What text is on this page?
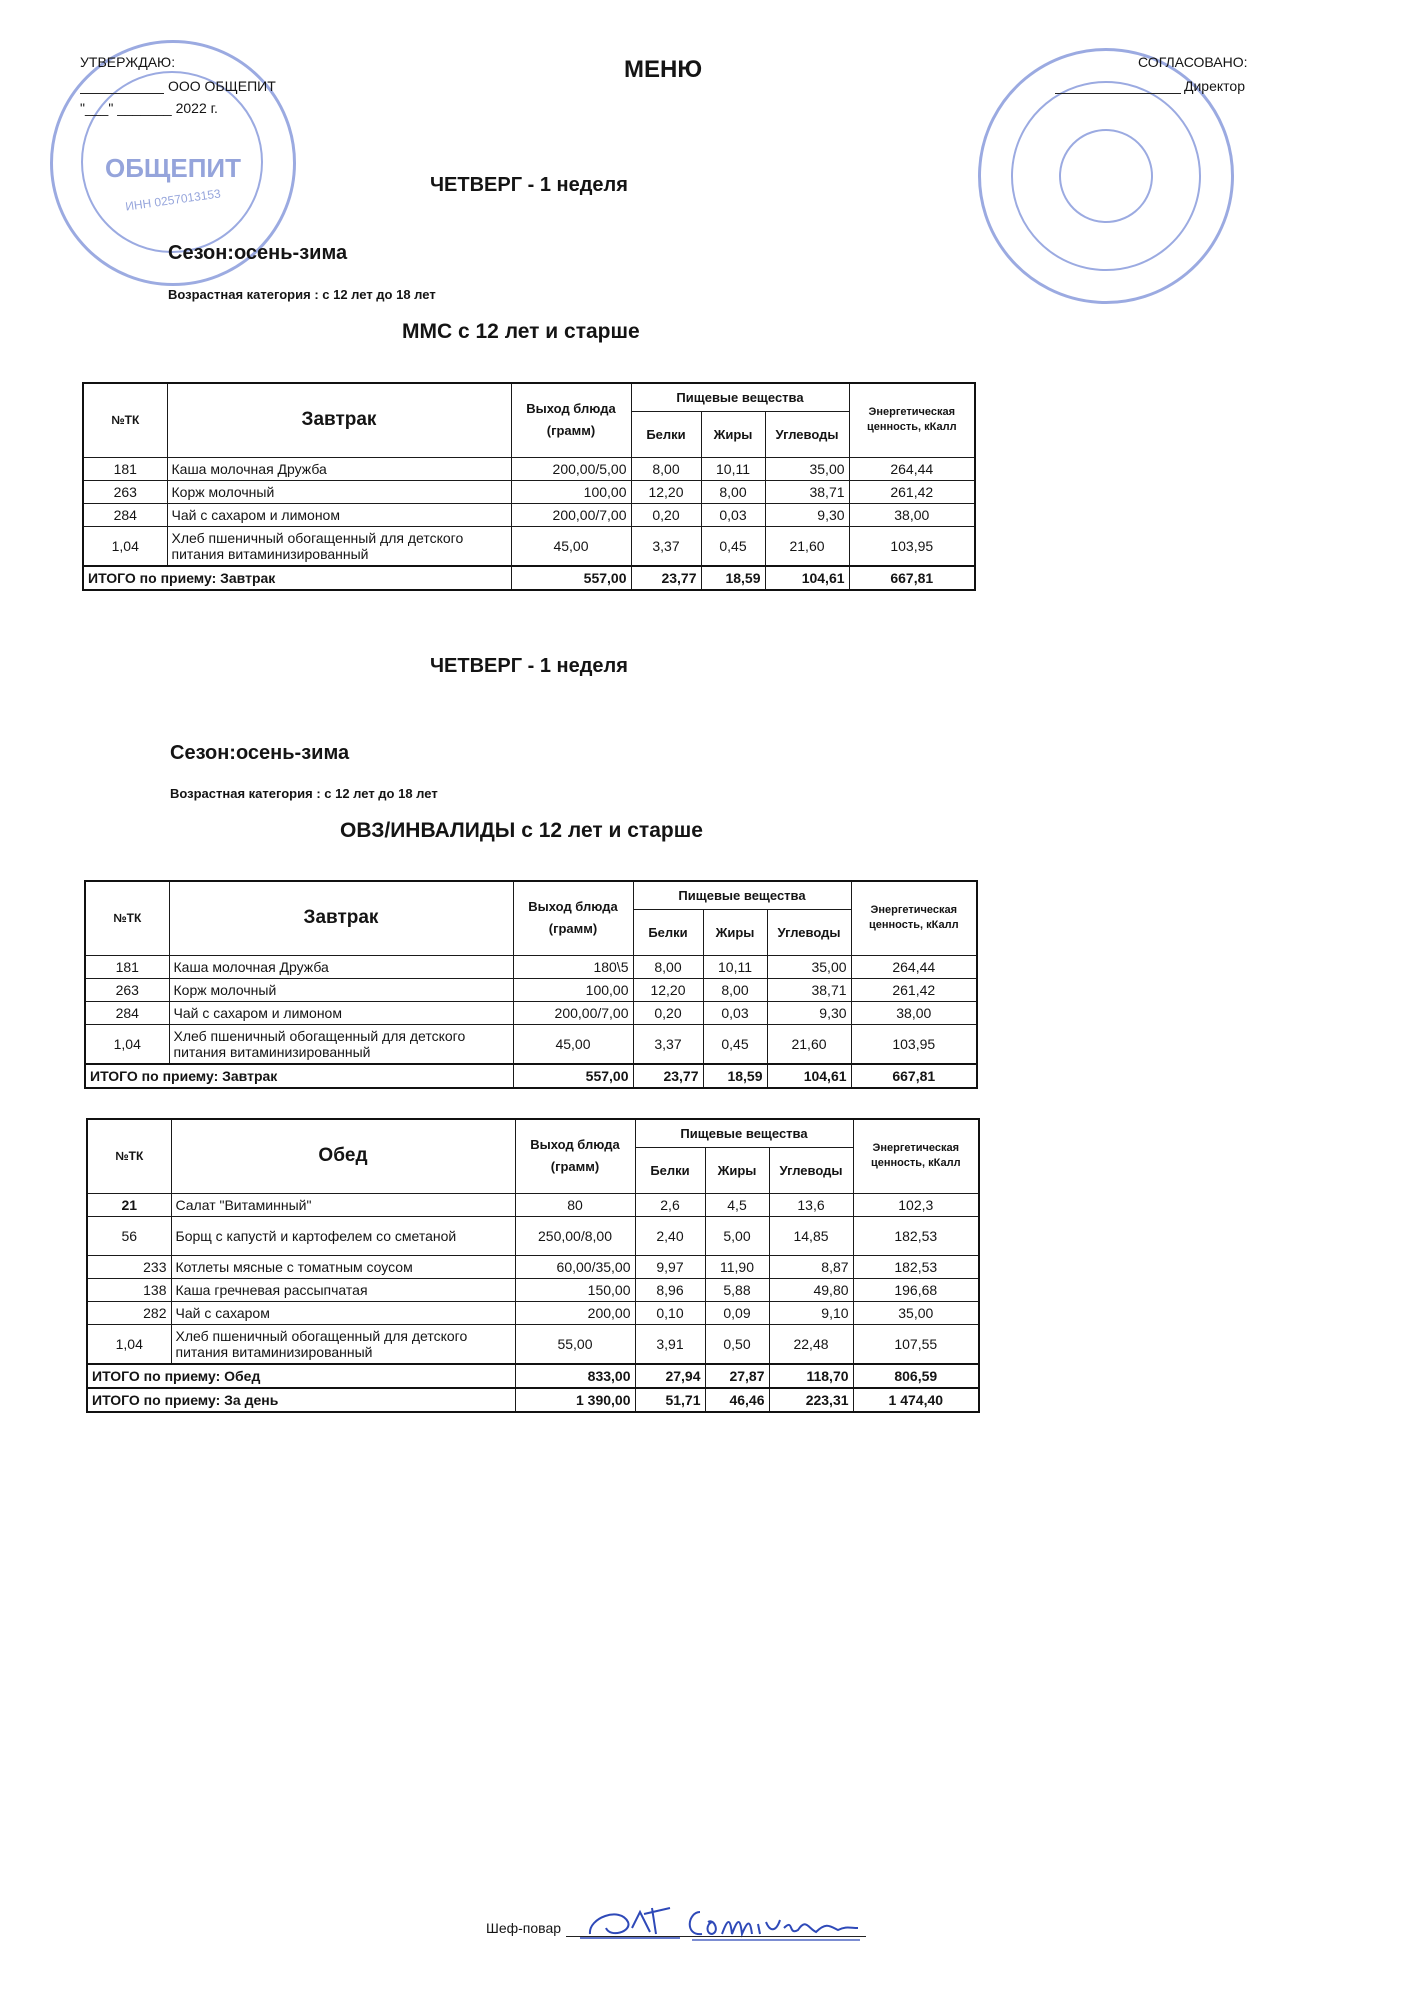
ОБЩЕПИТ
ИНН 0257013153
УТВЕРЖДАЮ:
ООО ОБЩЕПИТ
"___" _______ 2022 г.
МЕНЮ	СОГЛАСОВАНО:
Директор
ЧЕТВЕРГ - 1 неделя
Сезон:осень-зима
Возрастная категория : с 12 лет до 18 лет
ММС с 12 лет и старше
№ТК	Завтрак	Выход блюда (грамм)	Пищевые вещества			Энергетическая ценность, кКалл
			Белки	Жиры	Углеводы	
181	Каша молочная Дружба	200,00/5,00	8,00	10,11	35,00	264,44
263	Корж молочный	100,00	12,20	8,00	38,71	261,42
284	Чай с сахаром и лимоном	200,00/7,00	0,20	0,03	9,30	38,00
1,04	Хлеб пшеничный обогащенный для детского питания витаминизированный	45,00	3,37	0,45	21,60	103,95
ИТОГО по приему: Завтрак		557,00	23,77	18,59	104,61	667,81
ЧЕТВЕРГ - 1 неделя
Сезон:осень-зима
Возрастная категория : с 12 лет до 18 лет
ОВЗ/ИНВАЛИДЫ с 12 лет и старше
№ТК	Завтрак	Выход блюда (грамм)	Пищевые вещества			Энергетическая ценность, кКалл
			Белки	Жиры	Углеводы	
181	Каша молочная Дружба	180\5	8,00	10,11	35,00	264,44
263	Корж молочный	100,00	12,20	8,00	38,71	261,42
284	Чай с сахаром и лимоном	200,00/7,00	0,20	0,03	9,30	38,00
1,04	Хлеб пшеничный обогащенный для детского питания витаминизированный	45,00	3,37	0,45	21,60	103,95
ИТОГО по приему: Завтрак		557,00	23,77	18,59	104,61	667,81
№ТК	Обед	Выход блюда (грамм)	Пищевые вещества			Энергетическая ценность, кКалл
			Белки	Жиры	Углеводы	
21	Салат "Витаминный"	80	2,6	4,5	13,6	102,3
56	Борщ с капустй и картофелем со сметаной	250,00/8,00	2,40	5,00	14,85	182,53
233	Котлеты мясные с томатным соусом	60,00/35,00	9,97	11,90	8,87	182,53
138	Каша гречневая рассыпчатая	150,00	8,96	5,88	49,80	196,68
282	Чай с сахаром	200,00	0,10	0,09	9,10	35,00
1,04	Хлеб пшеничный обогащенный для детского питания витаминизированный	55,00	3,91	0,50	22,48	107,55
ИТОГО по приему: Обед		833,00	27,94	27,87	118,70	806,59
ИТОГО по приему: За день		1 390,00	51,71	46,46	223,31	1 474,40
Шеф-повар
